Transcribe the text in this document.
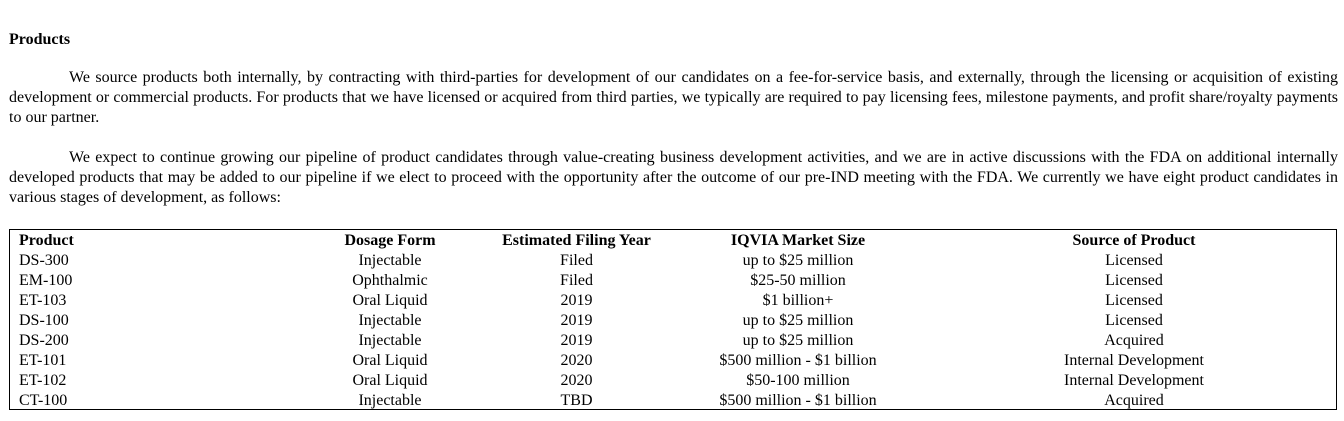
Products

We source products both internally, by contracting with third-parties for development of our candidates on a fee-for-service basis, and externally, through the licensing or acquisition of existing development or commercial products. For products that we have licensed or acquired from third parties, we typically are required to pay licensing fees, milestone payments, and profit share/royalty payments to our partner.

We expect to continue growing our pipeline of product candidates through value-creating business development activities, and we are in active discussions with the FDA on additional internally developed products that may be added to our pipeline if we elect to proceed with the opportunity after the outcome of our pre-IND meeting with the FDA. We currently we have eight product candidates in various stages of development, as follows:

Product	Dosage Form	Estimated Filing Year	IQVIA Market Size	Source of Product
DS-300	Injectable	Filed	up to $25 million	Licensed
EM-100	Ophthalmic	Filed	$25-50 million	Licensed
ET-103	Oral Liquid	2019	$1 billion+	Licensed
DS-100	Injectable	2019	up to $25 million	Licensed
DS-200	Injectable	2019	up to $25 million	Acquired
ET-101	Oral Liquid	2020	$500 million - $1 billion	Internal Development
ET-102	Oral Liquid	2020	$50-100 million	Internal Development
CT-100	Injectable	TBD	$500 million - $1 billion	Acquired
